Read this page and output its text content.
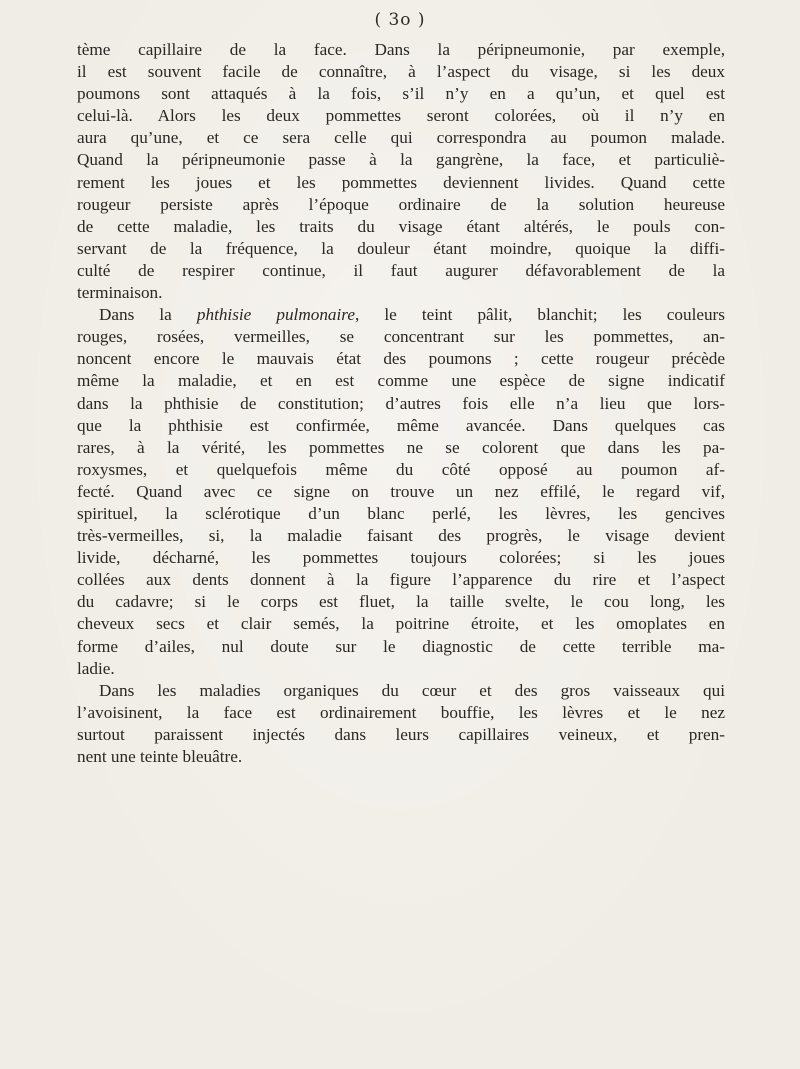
( 3o )
tème capillaire de la face. Dans la péripneumonie, par exemple,
il est souvent facile de connaître, à l’aspect du visage, si les deux
poumons sont attaqués à la fois, s’il n’y en a qu’un, et quel est
celui-là. Alors les deux pommettes seront colorées, où il n’y en
aura qu’une, et ce sera celle qui correspondra au poumon malade.
Quand la péripneumonie passe à la gangrène, la face, et particuliè-
rement les joues et les pommettes deviennent livides. Quand cette
rougeur persiste après l’époque ordinaire de la solution heureuse
de cette maladie, les traits du visage étant altérés, le pouls con-
servant de la fréquence, la douleur étant moindre, quoique la diffi-
culté de respirer continue, il faut augurer défavorablement de la
terminaison.
Dans la phthisie pulmonaire, le teint pâlit, blanchit; les couleurs
rouges, rosées, vermeilles, se concentrant sur les pommettes, an-
noncent encore le mauvais état des poumons ; cette rougeur précède
même la maladie, et en est comme une espèce de signe indicatif
dans la phthisie de constitution; d’autres fois elle n’a lieu que lors-
que la phthisie est confirmée, même avancée. Dans quelques cas
rares, à la vérité, les pommettes ne se colorent que dans les pa-
roxysmes, et quelquefois même du côté opposé au poumon af-
fecté. Quand avec ce signe on trouve un nez effilé, le regard vif,
spirituel, la sclérotique d’un blanc perlé, les lèvres, les gencives
très-vermeilles, si, la maladie faisant des progrès, le visage devient
livide, décharné, les pommettes toujours colorées; si les joues
collées aux dents donnent à la figure l’apparence du rire et l’aspect
du cadavre; si le corps est fluet, la taille svelte, le cou long, les
cheveux secs et clair semés, la poitrine étroite, et les omoplates en
forme d’ailes, nul doute sur le diagnostic de cette terrible ma-
ladie.
Dans les maladies organiques du cœur et des gros vaisseaux qui
l’avoisinent, la face est ordinairement bouffie, les lèvres et le nez
surtout paraissent injectés dans leurs capillaires veineux, et pren-
nent une teinte bleuâtre.
